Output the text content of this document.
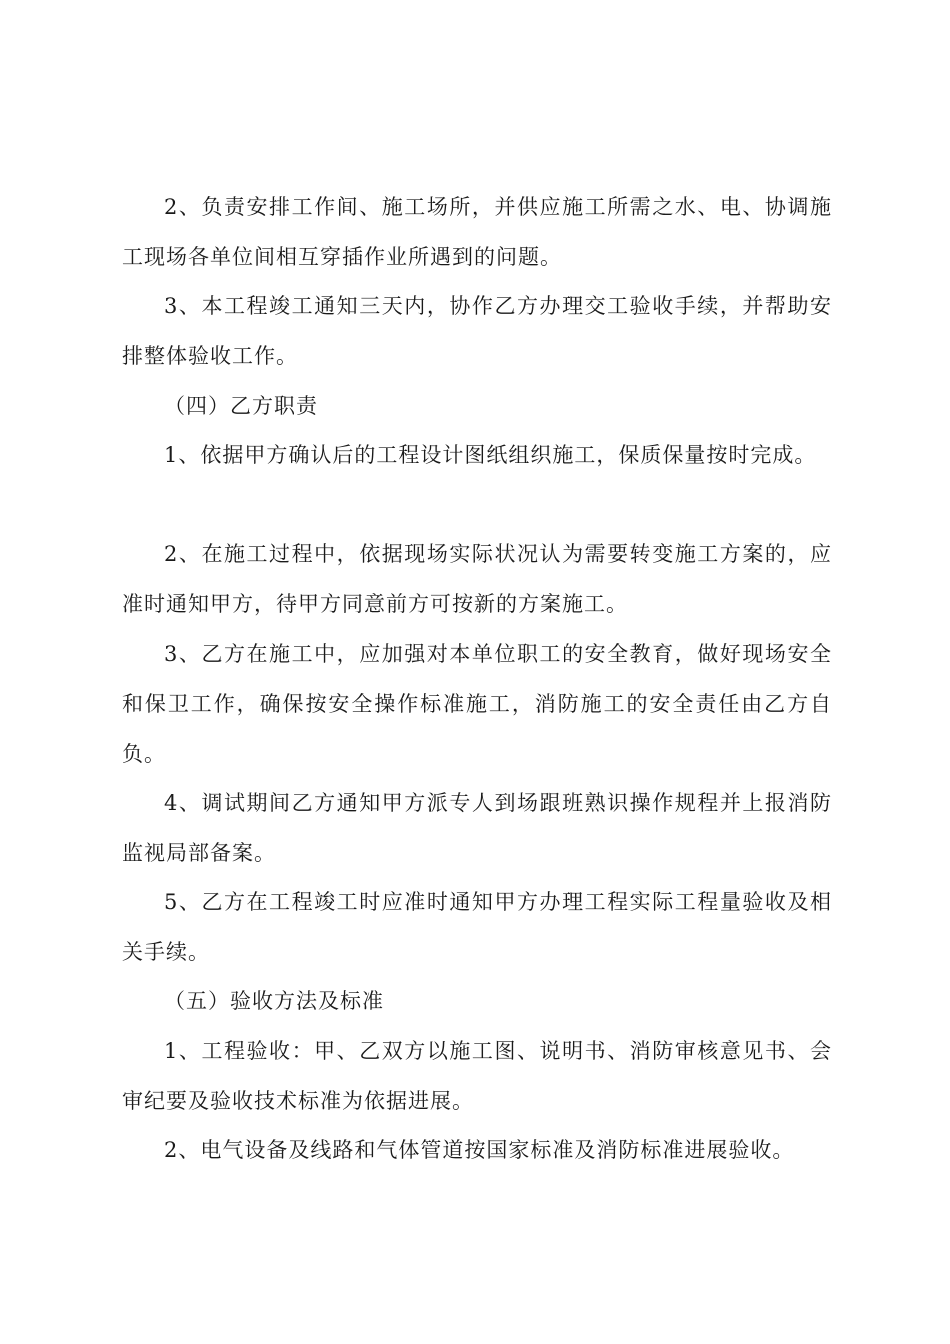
2、负责安排工作间、施工场所，并供应施工所需之水、电、协调施工现场各单位间相互穿插作业所遇到的问题。

3、本工程竣工通知三天内，协作乙方办理交工验收手续，并帮助安排整体验收工作。

（四）乙方职责

1、依据甲方确认后的工程设计图纸组织施工，保质保量按时完成。

2、在施工过程中，依据现场实际状况认为需要转变施工方案的，应准时通知甲方，待甲方同意前方可按新的方案施工。

3、乙方在施工中，应加强对本单位职工的安全教育，做好现场安全和保卫工作，确保按安全操作标准施工，消防施工的安全责任由乙方自负。

4、调试期间乙方通知甲方派专人到场跟班熟识操作规程并上报消防监视局部备案。

5、乙方在工程竣工时应准时通知甲方办理工程实际工程量验收及相关手续。

（五）验收方法及标准

1、工程验收：甲、乙双方以施工图、说明书、消防审核意见书、会审纪要及验收技术标准为依据进展。

2、电气设备及线路和气体管道按国家标准及消防标准进展验收。
